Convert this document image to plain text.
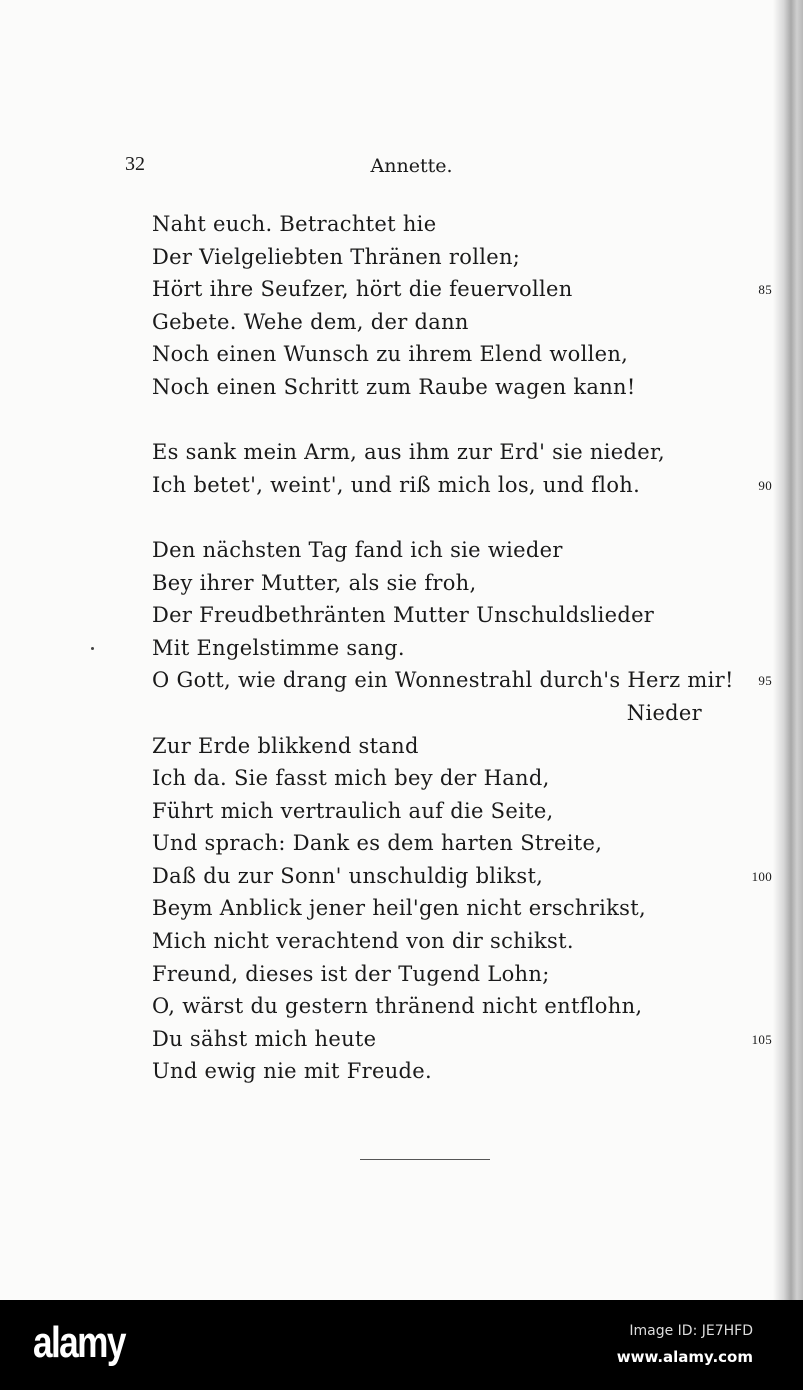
32	Annette.
Naht euch. Betrachtet hie
Der Vielgeliebten Thränen rollen;
Hört ihre Seufzer, hört die feuervollen	85
Gebete. Wehe dem, der dann
Noch einen Wunsch zu ihrem Elend wollen,
Noch einen Schritt zum Raube wagen kann!
Es sank mein Arm, aus ihm zur Erd' sie nieder,
Ich betet', weint', und riß mich los, und floh.	90
Den nächsten Tag fand ich sie wieder
Bey ihrer Mutter, als sie froh,
Der Freudbethränten Mutter Unschuldslieder
Mit Engelstimme sang.
O Gott, wie drang ein Wonnestrahl durch's Herz mir!	95
Nieder
Zur Erde blikkend stand
Ich da. Sie fasst mich bey der Hand,
Führt mich vertraulich auf die Seite,
Und sprach: Dank es dem harten Streite,
Daß du zur Sonn' unschuldig blikst,	100
Beym Anblick jener heil'gen nicht erschrikst,
Mich nicht verachtend von dir schikst.
Freund, dieses ist der Tugend Lohn;
O, wärst du gestern thränend nicht entflohn,
Du sähst mich heute	105
Und ewig nie mit Freude.
alamy	Image ID: JE7HFD
www.alamy.com
